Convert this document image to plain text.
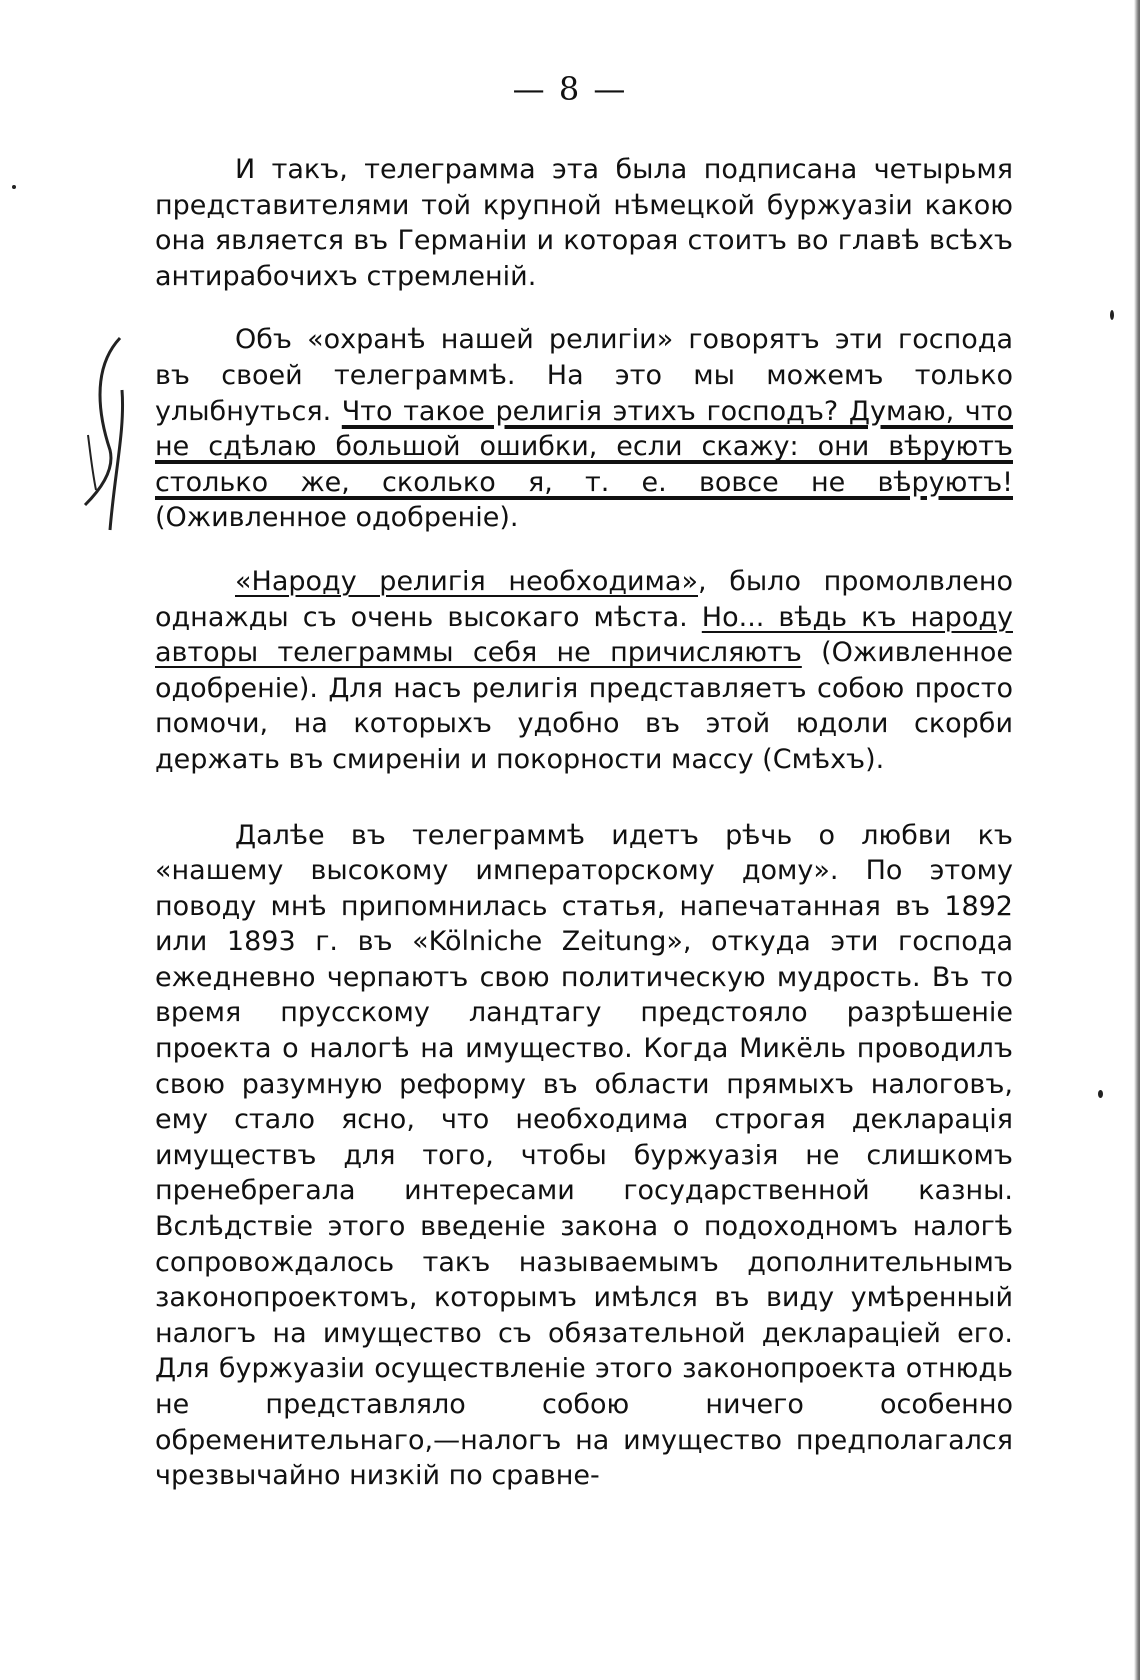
— 8 —

И такъ, телеграмма эта была подписана четырьмя представителями той крупной нѣмецкой буржуазіи какою она является въ Германіи и которая стоитъ во главѣ всѣхъ антирабочихъ стремленій.

Объ «охранѣ нашей религіи» говорятъ эти господа въ своей телеграммѣ. На это мы можемъ только улыбнуться. Что такое религія этихъ господъ? Думаю, что не сдѣлаю большой ошибки, если скажу: они вѣруютъ столько же, сколько я, т. е. вовсе не вѣруютъ! (Оживленное одобреніе).

«Народу религія необходима», было промолвлено однажды съ очень высокаго мѣста. Но... вѣдь къ народу авторы телеграммы себя не причисляютъ (Оживленное одобреніе). Для насъ религія представляетъ собою просто помочи, на которыхъ удобно въ этой юдоли скорби держать въ смиреніи и покорности массу (Смѣхъ).

Далѣе въ телеграммѣ идетъ рѣчь о любви къ «нашему высокому императорскому дому». По этому поводу мнѣ припомнилась статья, напечатанная въ 1892 или 1893 г. въ «Kölniche Zeitung», откуда эти господа ежедневно черпаютъ свою политическую мудрость. Въ то время прусскому ландтагу предстояло разрѣшеніе проекта о налогѣ на имущество. Когда Микёль проводилъ свою разумную реформу въ области прямыхъ налоговъ, ему стало ясно, что необходима строгая декларація имуществъ для того, чтобы буржуазія не слишкомъ пренебрегала интересами государственной казны. Вслѣдствіе этого введеніе закона о подоходномъ налогѣ сопровождалось такъ называемымъ дополнительнымъ законопроектомъ, которымъ имѣлся въ виду умѣренный налогъ на имущество съ обязательной декларацiей его. Для буржуазіи осуществленіе этого законопроекта отнюдь не представляло собою ничего особенно обременительнаго,—налогъ на имущество предполагался чрезвычайно низкій по сравне-
